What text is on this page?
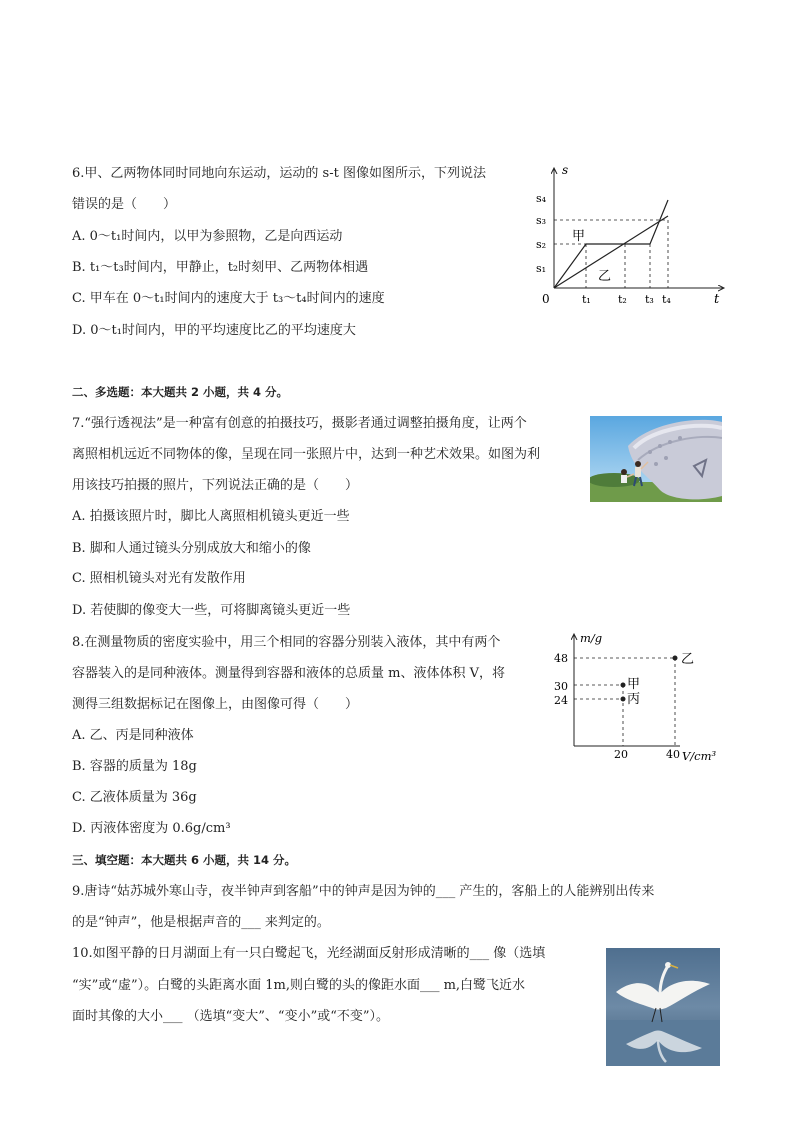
6.甲、乙两物体同时同地向东运动，运动的 s-t 图像如图所示，下列说法
错误的是（　　）
A. 0～t₁时间内，以甲为参照物，乙是向西运动
B. t₁～t₃时间内，甲静止，t₂时刻甲、乙两物体相遇
C. 甲车在 0～t₁时间内的速度大于 t₃～t₄时间内的速度
D. 0～t₁时间内，甲的平均速度比乙的平均速度大
s
t
0
s₁
s₂
s₃
s₄
t₁ t₂ t₃ t₄
甲
乙
二、多选题：本大题共 2 小题，共 4 分。
7.“强行透视法”是一种富有创意的拍摄技巧，摄影者通过调整拍摄角度，让两个
离照相机远近不同物体的像，呈现在同一张照片中，达到一种艺术效果。如图为利
用该技巧拍摄的照片，下列说法正确的是（　　）
A. 拍摄该照片时，脚比人离照相机镜头更近一些
B. 脚和人通过镜头分别成放大和缩小的像
C. 照相机镜头对光有发散作用
D. 若使脚的像变大一些，可将脚离镜头更近一些
8.在测量物质的密度实验中，用三个相同的容器分别装入液体，其中有两个
容器装入的是同种液体。测量得到容器和液体的总质量 m、液体体积 V，将
测得三组数据标记在图像上，由图像可得（　　）
A. 乙、丙是同种液体
B. 容器的质量为 18g
C. 乙液体质量为 36g
D. 丙液体密度为 0.6g/cm³
m/g
V/cm³
48
30
24
20	40
乙
甲
丙
三、填空题：本大题共 6 小题，共 14 分。
9.唐诗“姑苏城外寒山寺，夜半钟声到客船”中的钟声是因为钟的___ 产生的，客船上的人能辨别出传来
的是“钟声”，他是根据声音的___ 来判定的。
10.如图平静的日月湖面上有一只白鹭起飞，光经湖面反射形成清晰的___ 像（选填
“实”或“虚”）。白鹭的头距离水面 1m,则白鹭的头的像距水面___ m,白鹭飞近水
面时其像的大小___ （选填“变大”、“变小”或“不变”）。
